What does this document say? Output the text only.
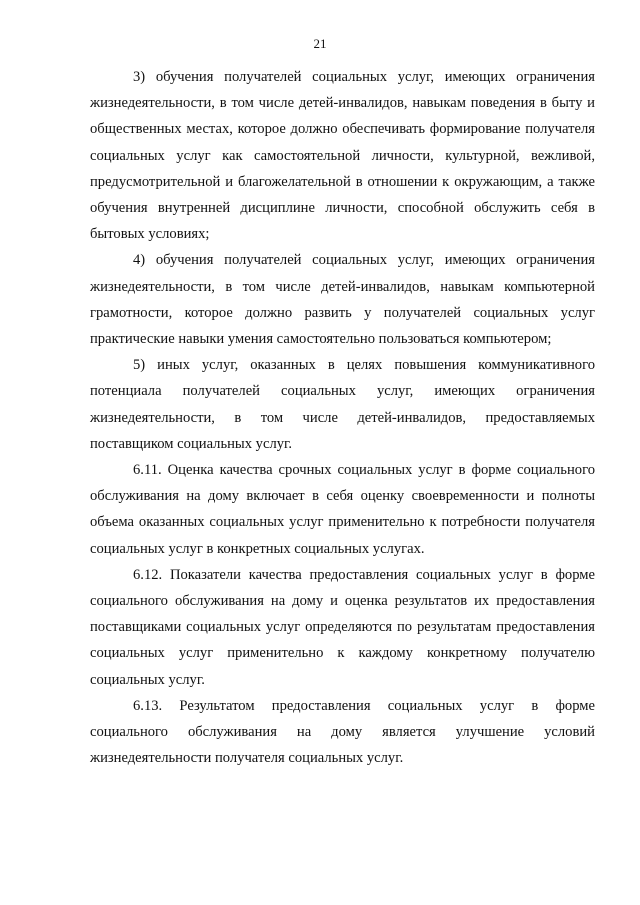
21

3) обучения получателей социальных услуг, имеющих ограничения жизнедеятельности, в том числе детей-инвалидов, навыкам поведения в быту и общественных местах, которое должно обеспечивать формирование получателя социальных услуг как самостоятельной личности, культурной, вежливой, предусмотрительной и благожелательной в отношении к окружающим, а также обучения внутренней дисциплине личности, способной обслужить себя в бытовых условиях;

4) обучения получателей социальных услуг, имеющих ограничения жизнедеятельности, в том числе детей-инвалидов, навыкам компьютерной грамотности, которое должно развить у получателей социальных услуг практические навыки умения самостоятельно пользоваться компьютером;

5) иных услуг, оказанных в целях повышения коммуникативного потенциала получателей социальных услуг, имеющих ограничения жизнедеятельности, в том числе детей-инвалидов, предоставляемых поставщиком социальных услуг.

6.11. Оценка качества срочных социальных услуг в форме социального обслуживания на дому включает в себя оценку своевременности и полноты объема оказанных социальных услуг применительно к потребности получателя социальных услуг в конкретных социальных услугах.

6.12. Показатели качества предоставления социальных услуг в форме социального обслуживания на дому и оценка результатов их предоставления поставщиками социальных услуг определяются по результатам предоставления социальных услуг применительно к каждому конкретному получателю социальных услуг.

6.13. Результатом предоставления социальных услуг в форме социального обслуживания на дому является улучшение условий жизнедеятельности получателя социальных услуг.
